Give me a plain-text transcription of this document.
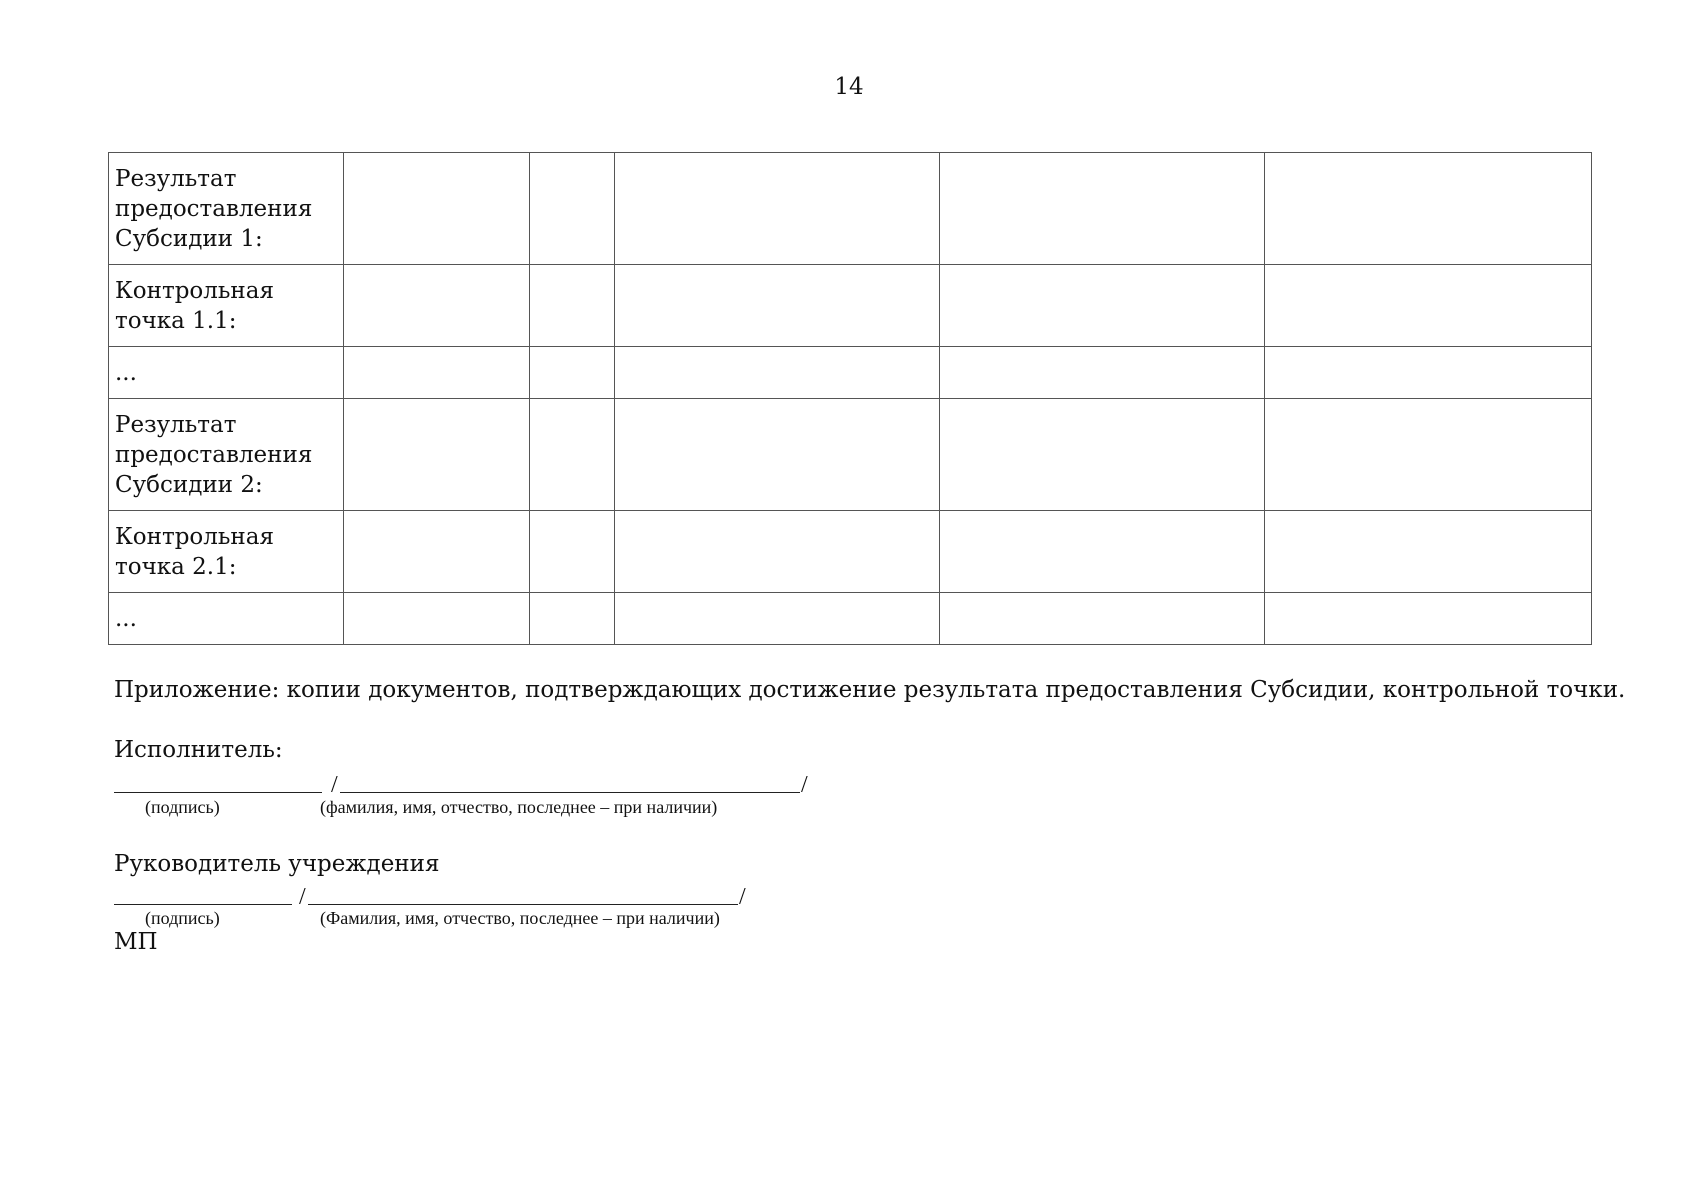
14
Результат предоставления Субсидии 1:					
Контрольная точка 1.1:					
...					
Результат предоставления Субсидии 2:					
Контрольная точка 2.1:					
...					
Приложение: копии документов, подтверждающих достижение результата предоставления Субсидии, контрольной точки.
Исполнитель:
/	/
(подпись)	(фамилия, имя, отчество, последнее – при наличии)
Руководитель учреждения
/	/
(подпись)	(Фамилия, имя, отчество, последнее – при наличии)
МП
